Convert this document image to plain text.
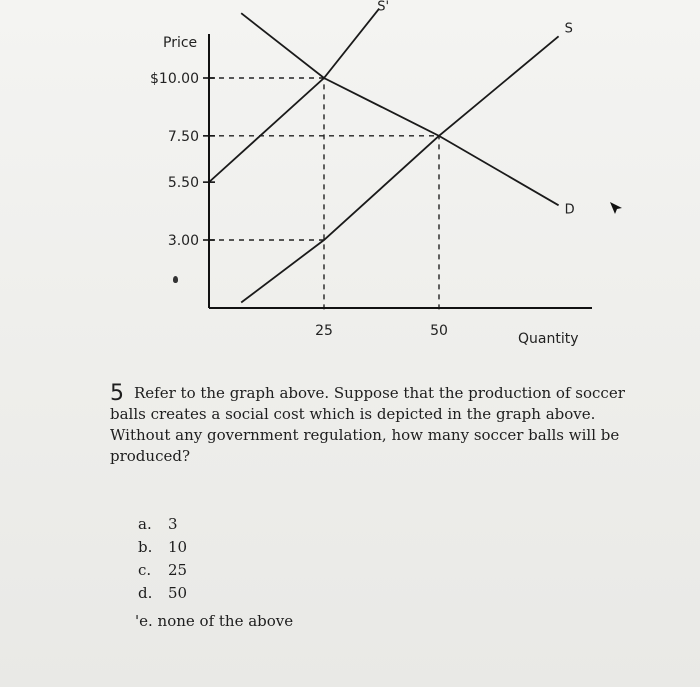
$10.00
7.50
5.50
3.00
25	50
Price
Quantity
S'
S
D
5 Refer to the graph above. Suppose that the production of soccer balls creates a social cost which is depicted in the graph above. Without any government regulation, how many soccer balls will be produced?
a.	3
b.	10
c.	25
d.	50
'e. none of the above
